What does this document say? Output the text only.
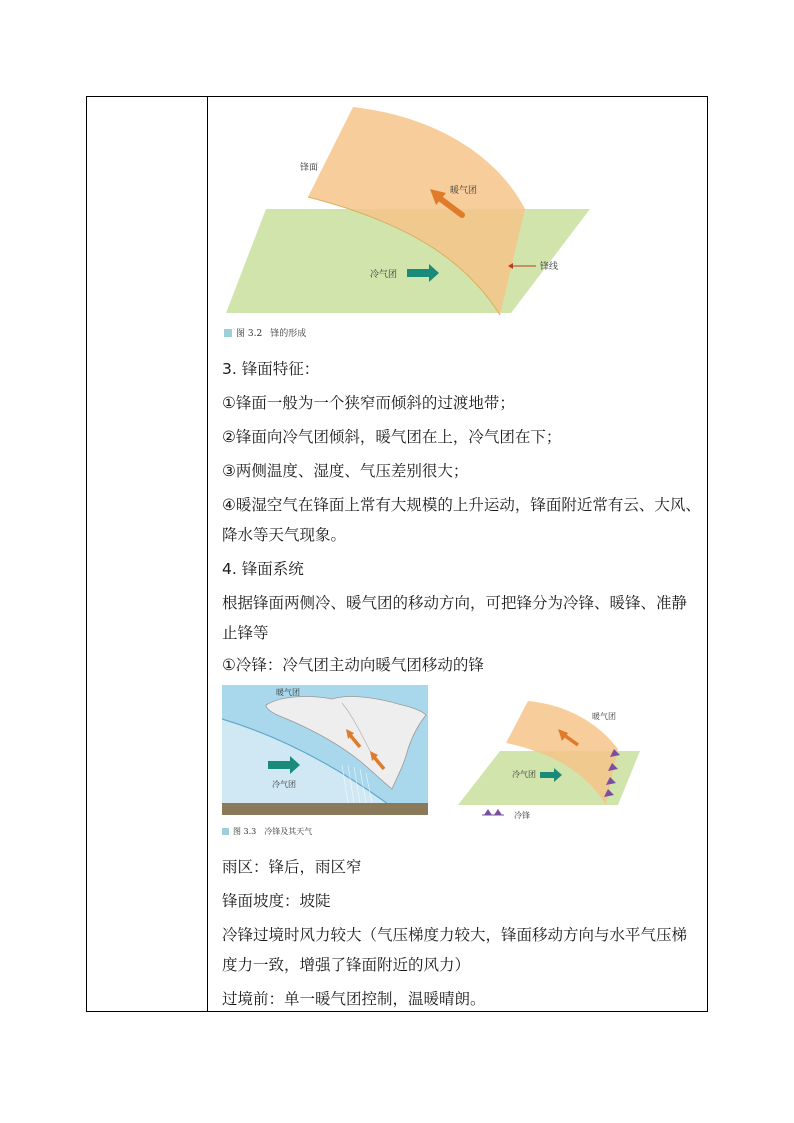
锋面
暖气团
冷气团
锋线
图 3.2 锋的形成
3. 锋面特征：
①锋面一般为一个狭窄而倾斜的过渡地带；
②锋面向冷气团倾斜，暖气团在上，冷气团在下；
③两侧温度、湿度、气压差别很大；
④暖湿空气在锋面上常有大规模的上升运动，锋面附近常有云、大风、
降水等天气现象。
4. 锋面系统
根据锋面两侧冷、暖气团的移动方向，可把锋分为冷锋、暖锋、准静
止锋等
①冷锋：冷气团主动向暖气团移动的锋
暖气团
冷气团
暖气团
冷气团
冷锋
图 3.3 冷锋及其天气
雨区：锋后，雨区窄
锋面坡度：坡陡
冷锋过境时风力较大（气压梯度力较大，锋面移动方向与水平气压梯
度力一致，增强了锋面附近的风力）
过境前：单一暖气团控制，温暖晴朗。
